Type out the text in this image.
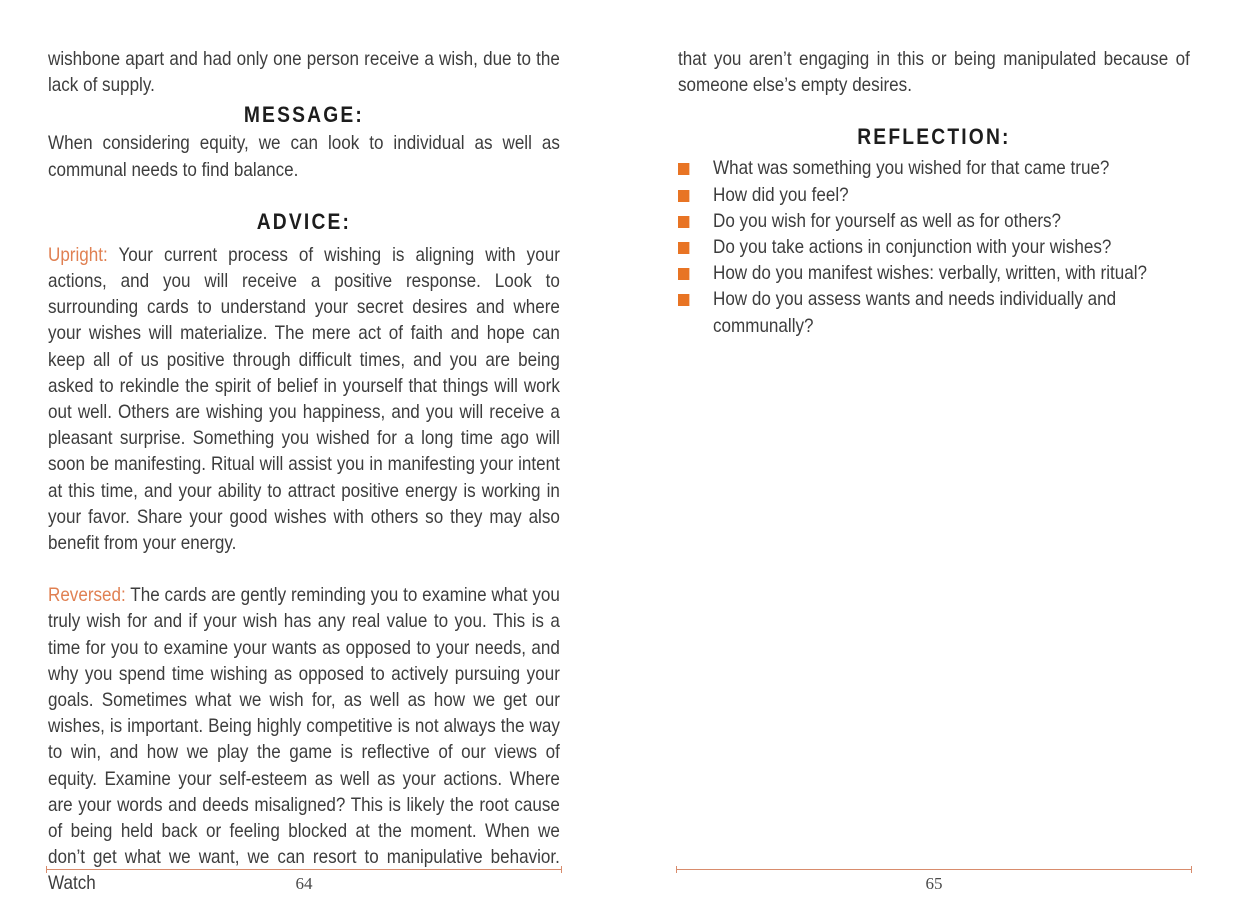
wishbone apart and had only one person receive a wish, due to the lack of supply.

MESSAGE:

When considering equity, we can look to individual as well as communal needs to find balance.

ADVICE:

Upright: Your current process of wishing is aligning with your actions, and you will receive a positive response. Look to surrounding cards to understand your secret desires and where your wishes will materialize. The mere act of faith and hope can keep all of us positive through difficult times, and you are being asked to rekindle the spirit of belief in yourself that things will work out well. Others are wishing you happiness, and you will receive a pleasant surprise. Something you wished for a long time ago will soon be manifesting. Ritual will assist you in manifesting your intent at this time, and your ability to attract positive energy is working in your favor. Share your good wishes with others so they may also benefit from your energy.

Reversed: The cards are gently reminding you to examine what you truly wish for and if your wish has any real value to you. This is a time for you to examine your wants as opposed to your needs, and why you spend time wishing as opposed to actively pursuing your goals. Sometimes what we wish for, as well as how we get our wishes, is important. Being highly competitive is not always the way to win, and how we play the game is reflective of our views of equity. Examine your self-esteem as well as your actions. Where are your words and deeds misaligned? This is likely the root cause of being held back or feeling blocked at the moment. When we don’t get what we want, we can resort to manipulative behavior. Watch

that you aren’t engaging in this or being manipulated because of someone else’s empty desires.

REFLECTION:
What was something you wished for that came true?
How did you feel?
Do you wish for yourself as well as for others?
Do you take actions in conjunction with your wishes?
How do you manifest wishes: verbally, written, with ritual?
How do you assess wants and needs individually and communally?
64	65
